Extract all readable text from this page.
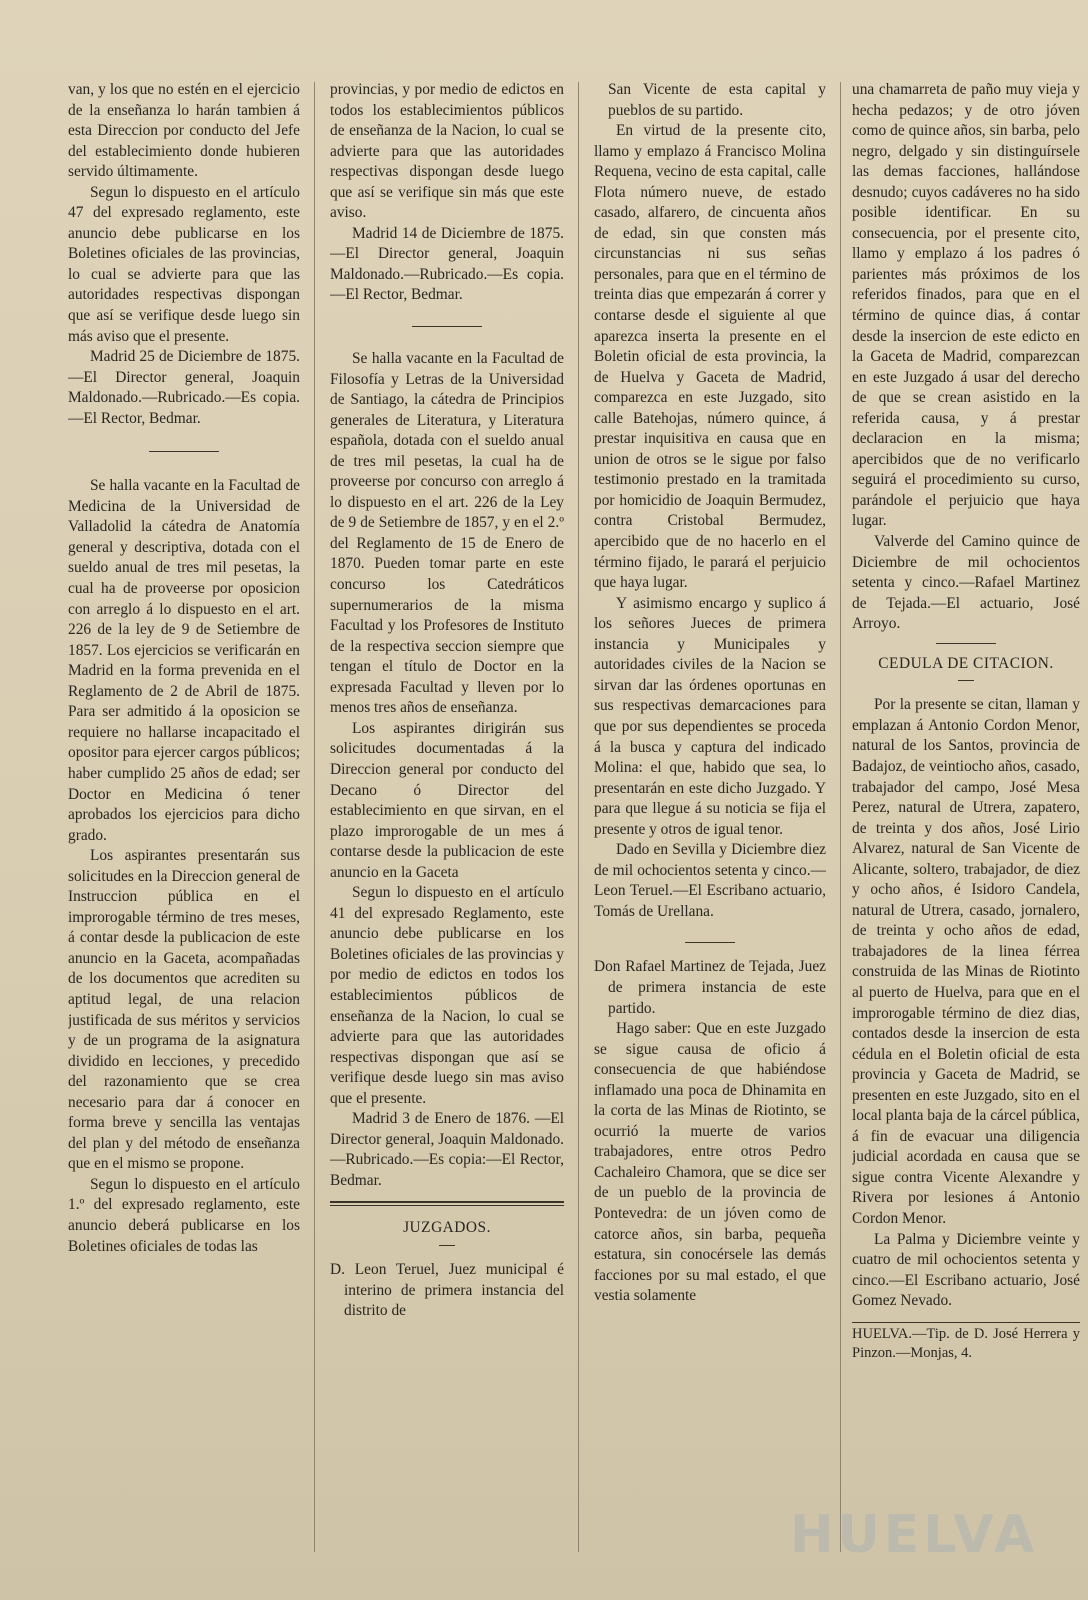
van, y los que no estén en el ejercicio de la enseñanza lo harán tambien á esta Direccion por conducto del Jefe del establecimiento donde hubieren servido últimamente.

Segun lo dispuesto en el artículo 47 del expresado reglamento, este anuncio debe publicarse en los Boletines oficiales de las provincias, lo cual se advierte para que las autoridades respectivas dispongan que así se verifique desde luego sin más aviso que el presente.

Madrid 25 de Diciembre de 1875.—El Director general, Joaquin Maldonado.—Rubricado.—Es copia.—El Rector, Bedmar.

Se halla vacante en la Facultad de Medicina de la Universidad de Valladolid la cátedra de Anatomía general y descriptiva, dotada con el sueldo anual de tres mil pesetas, la cual ha de proveerse por oposicion con arreglo á lo dispuesto en el art. 226 de la ley de 9 de Setiembre de 1857. Los ejercicios se verificarán en Madrid en la forma prevenida en el Reglamento de 2 de Abril de 1875. Para ser admitido á la oposicion se requiere no hallarse incapacitado el opositor para ejercer cargos públicos; haber cumplido 25 años de edad; ser Doctor en Medicina ó tener aprobados los ejercicios para dicho grado.

Los aspirantes presentarán sus solicitudes en la Direccion general de Instruccion pública en el improrogable término de tres meses, á contar desde la publicacion de este anuncio en la Gaceta, acompañadas de los documentos que acrediten su aptitud legal, de una relacion justificada de sus méritos y servicios y de un programa de la asignatura dividido en lecciones, y precedido del razonamiento que se crea necesario para dar á conocer en forma breve y sencilla las ventajas del plan y del método de enseñanza que en el mismo se propone.

Segun lo dispuesto en el artículo 1.º del expresado reglamento, este anuncio deberá publicarse en los Boletines oficiales de todas las

provincias, y por medio de edictos en todos los establecimientos públicos de enseñanza de la Nacion, lo cual se advierte para que las autoridades respectivas dispongan desde luego que así se verifique sin más que este aviso.

Madrid 14 de Diciembre de 1875.—El Director general, Joaquin Maldonado.—Rubricado.—Es copia.—El Rector, Bedmar.

Se halla vacante en la Facultad de Filosofía y Letras de la Universidad de Santiago, la cátedra de Principios generales de Literatura, y Literatura española, dotada con el sueldo anual de tres mil pesetas, la cual ha de proveerse por concurso con arreglo á lo dispuesto en el art. 226 de la Ley de 9 de Setiembre de 1857, y en el 2.º del Reglamento de 15 de Enero de 1870. Pueden tomar parte en este concurso los Catedráticos supernumerarios de la misma Facultad y los Profesores de Instituto de la respectiva seccion siempre que tengan el título de Doctor en la expresada Facultad y lleven por lo menos tres años de enseñanza.

Los aspirantes dirigirán sus solicitudes documentadas á la Direccion general por conducto del Decano ó Director del establecimiento en que sirvan, en el plazo improrogable de un mes á contarse desde la publicacion de este anuncio en la Gaceta

Segun lo dispuesto en el artículo 41 del expresado Reglamento, este anuncio debe publicarse en los Boletines oficiales de las provincias y por medio de edictos en todos los establecimientos públicos de enseñanza de la Nacion, lo cual se advierte para que las autoridades respectivas dispongan que así se verifique desde luego sin mas aviso que el presente.

Madrid 3 de Enero de 1876. —El Director general, Joaquin Maldonado.—Rubricado.—Es copia:—El Rector, Bedmar.

JUZGADOS.

D. Leon Teruel, Juez municipal é interino de primera instancia del distrito de

San Vicente de esta capital y pueblos de su partido.

En virtud de la presente cito, llamo y emplazo á Francisco Molina Requena, vecino de esta capital, calle Flota número nueve, de estado casado, alfarero, de cincuenta años de edad, sin que consten más circunstancias ni sus señas personales, para que en el término de treinta dias que empezarán á correr y contarse desde el siguiente al que aparezca inserta la presente en el Boletin oficial de esta provincia, la de Huelva y Gaceta de Madrid, comparezca en este Juzgado, sito calle Batehojas, número quince, á prestar inquisitiva en causa que en union de otros se le sigue por falso testimonio prestado en la tramitada por homicidio de Joaquin Bermudez, contra Cristobal Bermudez, apercibido que de no hacerlo en el término fijado, le parará el perjuicio que haya lugar.

Y asimismo encargo y suplico á los señores Jueces de primera instancia y Municipales y autoridades civiles de la Nacion se sirvan dar las órdenes oportunas en sus respectivas demarcaciones para que por sus dependientes se proceda á la busca y captura del indicado Molina: el que, habido que sea, lo presentarán en este dicho Juzgado. Y para que llegue á su noticia se fija el presente y otros de igual tenor.

Dado en Sevilla y Diciembre diez de mil ochocientos setenta y cinco.—Leon Teruel.—El Escribano actuario, Tomás de Urellana.

Don Rafael Martinez de Tejada, Juez de primera instancia de este partido.

Hago saber: Que en este Juzgado se sigue causa de oficio á consecuencia de que habiéndose inflamado una poca de Dhinamita en la corta de las Minas de Riotinto, se ocurrió la muerte de varios trabajadores, entre otros Pedro Cachaleiro Chamora, que se dice ser de un pueblo de la provincia de Pontevedra: de un jóven como de catorce años, sin barba, pequeña estatura, sin conocérsele las demás facciones por su mal estado, el que vestia solamente

una chamarreta de paño muy vieja y hecha pedazos; y de otro jóven como de quince años, sin barba, pelo negro, delgado y sin distinguírsele las demas facciones, hallándose desnudo; cuyos cadáveres no ha sido posible identificar. En su consecuencia, por el presente cito, llamo y emplazo á los padres ó parientes más próximos de los referidos finados, para que en el término de quince dias, á contar desde la insercion de este edicto en la Gaceta de Madrid, comparezcan en este Juzgado á usar del derecho de que se crean asistido en la referida causa, y á prestar declaracion en la misma; apercibidos que de no verificarlo seguirá el procedimiento su curso, parándole el perjuicio que haya lugar.

Valverde del Camino quince de Diciembre de mil ochocientos setenta y cinco.—Rafael Martinez de Tejada.—El actuario, José Arroyo.

CEDULA DE CITACION.

Por la presente se citan, llaman y emplazan á Antonio Cordon Menor, natural de los Santos, provincia de Badajoz, de veintiocho años, casado, trabajador del campo, José Mesa Perez, natural de Utrera, zapatero, de treinta y dos años, José Lirio Alvarez, natural de San Vicente de Alicante, soltero, trabajador, de diez y ocho años, é Isidoro Candela, natural de Utrera, casado, jornalero, de treinta y ocho años de edad, trabajadores de la linea férrea construida de las Minas de Riotinto al puerto de Huelva, para que en el improrogable término de diez dias, contados desde la insercion de esta cédula en el Boletin oficial de esta provincia y Gaceta de Madrid, se presenten en este Juzgado, sito en el local planta baja de la cárcel pública, á fin de evacuar una diligencia judicial acordada en causa que se sigue contra Vicente Alexandre y Rivera por lesiones á Antonio Cordon Menor.

La Palma y Diciembre veinte y cuatro de mil ochocientos setenta y cinco.—El Escribano actuario, José Gomez Nevado.

HUELVA.—Tip. de D. José Herrera y Pinzon.—Monjas, 4.

HUELVA
